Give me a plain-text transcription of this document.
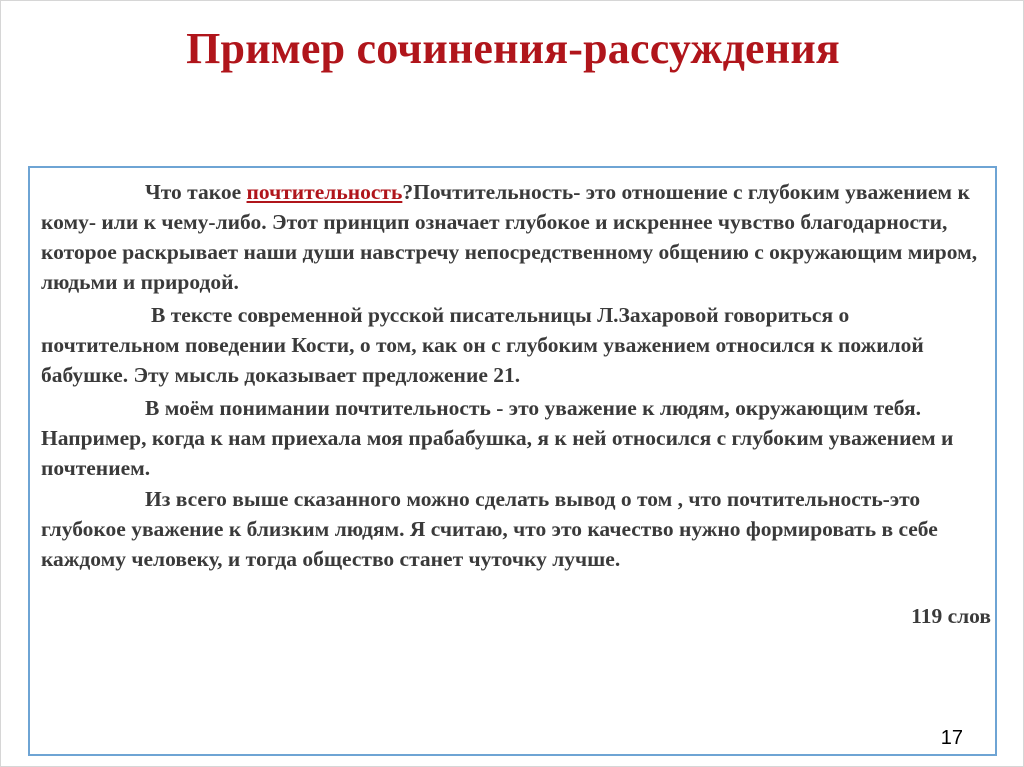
Пример сочинения-рассуждения

Что такое почтительность?Почтительность- это отношение с глубоким уважением к кому- или к чему-либо. Этот принцип означает глубокое и искреннее чувство благодарности, которое раскрывает наши души навстречу непосредственному общению с окружающим миром, людьми и природой.

В тексте современной русской писательницы Л.Захаровой говориться о почтительном поведении Кости, о том, как он с глубоким уважением относился к пожилой бабушке. Эту мысль доказывает предложение 21.

В моём понимании почтительность - это уважение к людям, окружающим тебя. Например, когда к нам приехала моя прабабушка, я к ней относился с глубоким уважением и почтением.

Из всего выше сказанного можно сделать вывод о том , что почтительность-это глубокое уважение к близким людям. Я считаю, что это качество нужно формировать в себе каждому человеку, и тогда общество станет чуточку лучше.

119 слов
17
